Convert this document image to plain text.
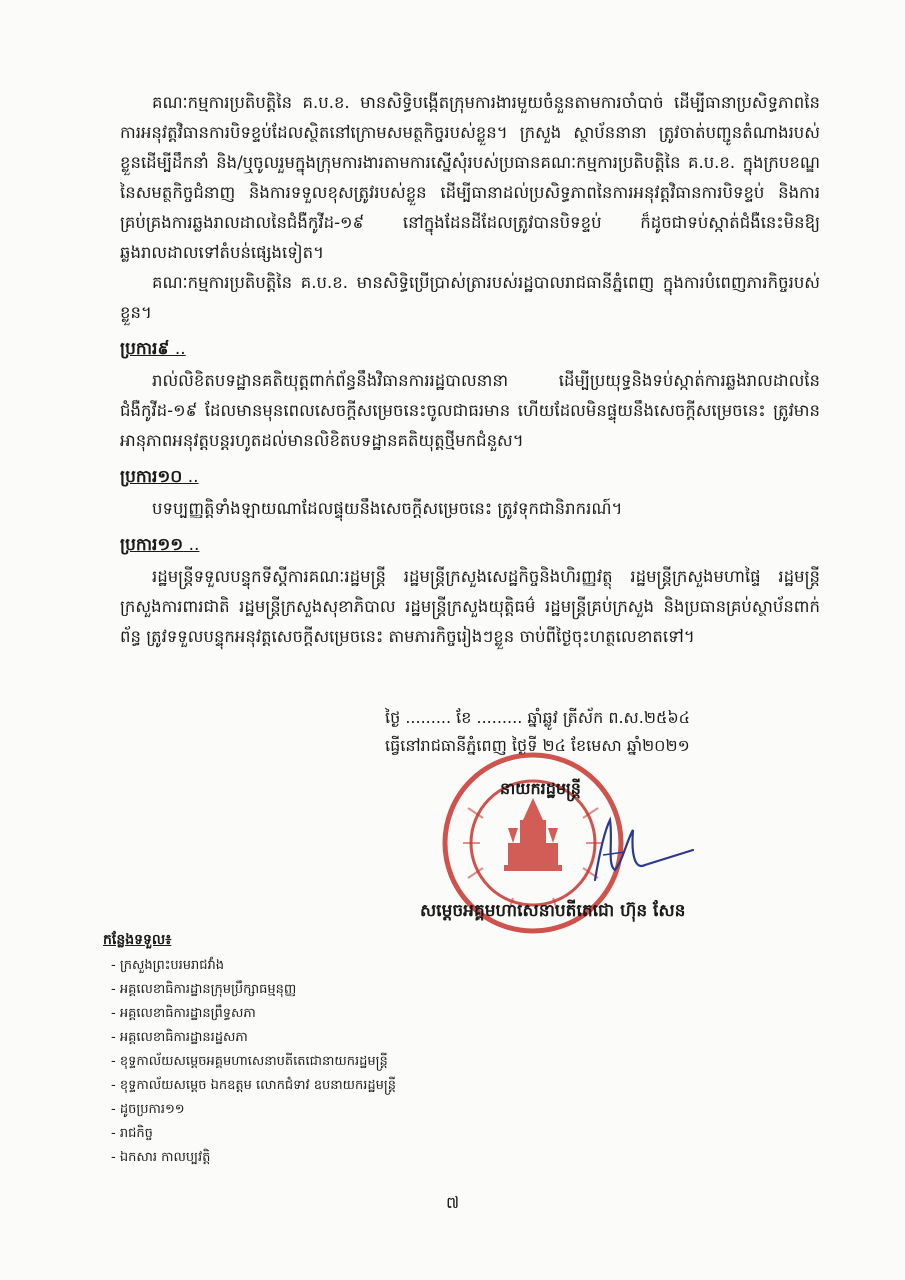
គណៈកម្មការប្រតិបត្តិនៃ គ.ប.ខ. មានសិទ្ធិបង្កើតក្រុមការងារមួយចំនួនតាមការចាំបាច់ ដើម្បីធានាប្រសិទ្ធភាពនៃការអនុវត្តវិធានការបិទខ្ទប់ដែលស្ថិតនៅក្រោមសមត្ថកិច្ចរបស់ខ្លួន។ ក្រសួង ស្ថាប័ននានា ត្រូវចាត់បញ្ជូនតំណាងរបស់ខ្លួនដើម្បីដឹកនាំ និង/ឬចូលរួមក្នុងក្រុមការងារតាមការស្នើសុំរបស់ប្រធានគណៈកម្មការប្រតិបត្តិនៃ គ.ប.ខ. ក្នុងក្របខណ្ឌនៃសមត្ថកិច្ចជំនាញ និងការទទួលខុសត្រូវរបស់ខ្លួន ដើម្បីធានាដល់ប្រសិទ្ធភាពនៃការអនុវត្តវិធានការបិទខ្ទប់ និងការគ្រប់គ្រងការឆ្លងរាលដាលនៃជំងឺកូវីដ-១៩ នៅក្នុងដែនដីដែលត្រូវបានបិទខ្ទប់ ក៏ដូចជាទប់ស្កាត់ជំងឺនេះមិនឱ្យឆ្លងរាលដាលទៅតំបន់ផ្សេងទៀត។

គណៈកម្មការប្រតិបត្តិនៃ គ.ប.ខ. មានសិទ្ធិប្រើប្រាស់ត្រារបស់រដ្ឋបាលរាជធានីភ្នំពេញ ក្នុងការបំពេញភារកិច្ចរបស់ខ្លួន។

ប្រការ៩ ..

រាល់លិខិតបទដ្ឋានគតិយុត្តពាក់ព័ន្ធនឹងវិធានការរដ្ឋបាលនានា ដើម្បីប្រយុទ្ធនិងទប់ស្កាត់ការឆ្លងរាលដាលនៃជំងឺកូវីដ-១៩ ដែលមានមុនពេលសេចក្តីសម្រេចនេះចូលជាធរមាន ហើយដែលមិនផ្ទុយនឹងសេចក្តីសម្រេចនេះ ត្រូវមានអានុភាពអនុវត្តបន្តរហូតដល់មានលិខិតបទដ្ឋានគតិយុត្តថ្មីមកជំនួស។

ប្រការ១០ ..

បទប្បញ្ញត្តិទាំងឡាយណាដែលផ្ទុយនឹងសេចក្តីសម្រេចនេះ ត្រូវទុកជានិរាករណ៍។

ប្រការ១១ ..

រដ្ឋមន្ត្រីទទួលបន្ទុកទីស្តីការគណៈរដ្ឋមន្ត្រី រដ្ឋមន្ត្រីក្រសួងសេដ្ឋកិច្ចនិងហិរញ្ញវត្ថុ រដ្ឋមន្ត្រីក្រសួងមហាផ្ទៃ រដ្ឋមន្ត្រីក្រសួងការពារជាតិ រដ្ឋមន្ត្រីក្រសួងសុខាភិបាល រដ្ឋមន្ត្រីក្រសួងយុត្តិធម៌ រដ្ឋមន្ត្រីគ្រប់ក្រសួង និងប្រធានគ្រប់ស្ថាប័នពាក់ព័ន្ធ ត្រូវទទួលបន្ទុកអនុវត្តសេចក្តីសម្រេចនេះ តាមភារកិច្ចរៀងៗខ្លួន ចាប់ពីថ្ងៃចុះហត្ថលេខាតទៅ។

ថ្ងៃ ......... ខែ ......... ឆ្នាំឆ្លូវ ត្រីស័ក ព.ស.២៥៦៤
ធ្វើនៅរាជធានីភ្នំពេញ ថ្ងៃទី ២៤ ខែមេសា ឆ្នាំ២០២១
នាយករដ្ឋមន្ត្រី
សម្តេចអគ្គមហាសេនាបតីតេជោ ហ៊ុន សែន
កន្លែងទទួល៖
- ក្រសួងព្រះបរមរាជវាំង
- អគ្គលេខាធិការដ្ឋានក្រុមប្រឹក្សាធម្មនុញ្ញ
- អគ្គលេខាធិការដ្ឋានព្រឹទ្ធសភា
- អគ្គលេខាធិការដ្ឋានរដ្ឋសភា
- ខុទ្ទកាល័យសម្តេចអគ្គមហាសេនាបតីតេជោនាយករដ្ឋមន្ត្រី
- ខុទ្ទកាល័យសម្តេច ឯកឧត្តម លោកជំទាវ ឧបនាយករដ្ឋមន្ត្រី
- ដូចប្រការ១១
- រាជកិច្ច
- ឯកសារ កាលប្បវត្តិ
៧
